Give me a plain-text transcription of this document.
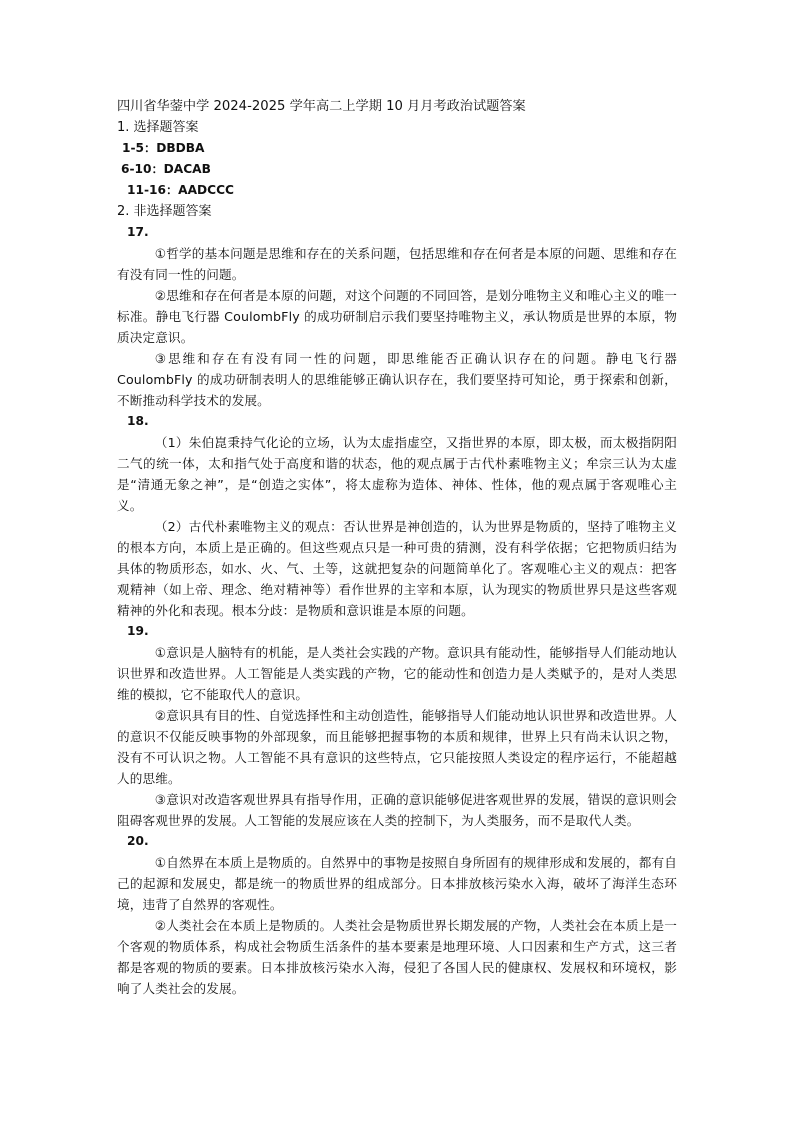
四川省华蓥中学 2024-2025 学年高二上学期 10 月月考政治试题答案

1. 选择题答案

1-5：DBDBA

6-10：DACAB

11-16：AADCCC

2. 非选择题答案

17.

①哲学的基本问题是思维和存在的关系问题，包括思维和存在何者是本原的问题、思维和存在有没有同一性的问题。

②思维和存在何者是本原的问题，对这个问题的不同回答，是划分唯物主义和唯心主义的唯一标准。静电飞行器 CoulombFly 的成功研制启示我们要坚持唯物主义，承认物质是世界的本原，物质决定意识。

③思维和存在有没有同一性的问题，即思维能否正确认识存在的问题。静电飞行器 CoulombFly 的成功研制表明人的思维能够正确认识存在，我们要坚持可知论，勇于探索和创新，不断推动科学技术的发展。

18.

（1）朱伯崑秉持气化论的立场，认为太虚指虚空，又指世界的本原，即太极，而太极指阴阳二气的统一体，太和指气处于高度和谐的状态，他的观点属于古代朴素唯物主义；牟宗三认为太虚是“清通无象之神”，是“创造之实体”，将太虚称为造体、神体、性体，他的观点属于客观唯心主义。

（2）古代朴素唯物主义的观点：否认世界是神创造的，认为世界是物质的，坚持了唯物主义的根本方向，本质上是正确的。但这些观点只是一种可贵的猜测，没有科学依据；它把物质归结为具体的物质形态，如水、火、气、土等，这就把复杂的问题简单化了。客观唯心主义的观点：把客观精神（如上帝、理念、绝对精神等）看作世界的主宰和本原，认为现实的物质世界只是这些客观精神的外化和表现。根本分歧：是物质和意识谁是本原的问题。

19.

①意识是人脑特有的机能，是人类社会实践的产物。意识具有能动性，能够指导人们能动地认识世界和改造世界。人工智能是人类实践的产物，它的能动性和创造力是人类赋予的，是对人类思维的模拟，它不能取代人的意识。

②意识具有目的性、自觉选择性和主动创造性，能够指导人们能动地认识世界和改造世界。人的意识不仅能反映事物的外部现象，而且能够把握事物的本质和规律，世界上只有尚未认识之物，没有不可认识之物。人工智能不具有意识的这些特点，它只能按照人类设定的程序运行，不能超越人的思维。

③意识对改造客观世界具有指导作用，正确的意识能够促进客观世界的发展，错误的意识则会阻碍客观世界的发展。人工智能的发展应该在人类的控制下，为人类服务，而不是取代人类。

20.

①自然界在本质上是物质的。自然界中的事物是按照自身所固有的规律形成和发展的，都有自己的起源和发展史，都是统一的物质世界的组成部分。日本排放核污染水入海，破坏了海洋生态环境，违背了自然界的客观性。

②人类社会在本质上是物质的。人类社会是物质世界长期发展的产物，人类社会在本质上是一个客观的物质体系，构成社会物质生活条件的基本要素是地理环境、人口因素和生产方式，这三者都是客观的物质的要素。日本排放核污染水入海，侵犯了各国人民的健康权、发展权和环境权，影响了人类社会的发展。
